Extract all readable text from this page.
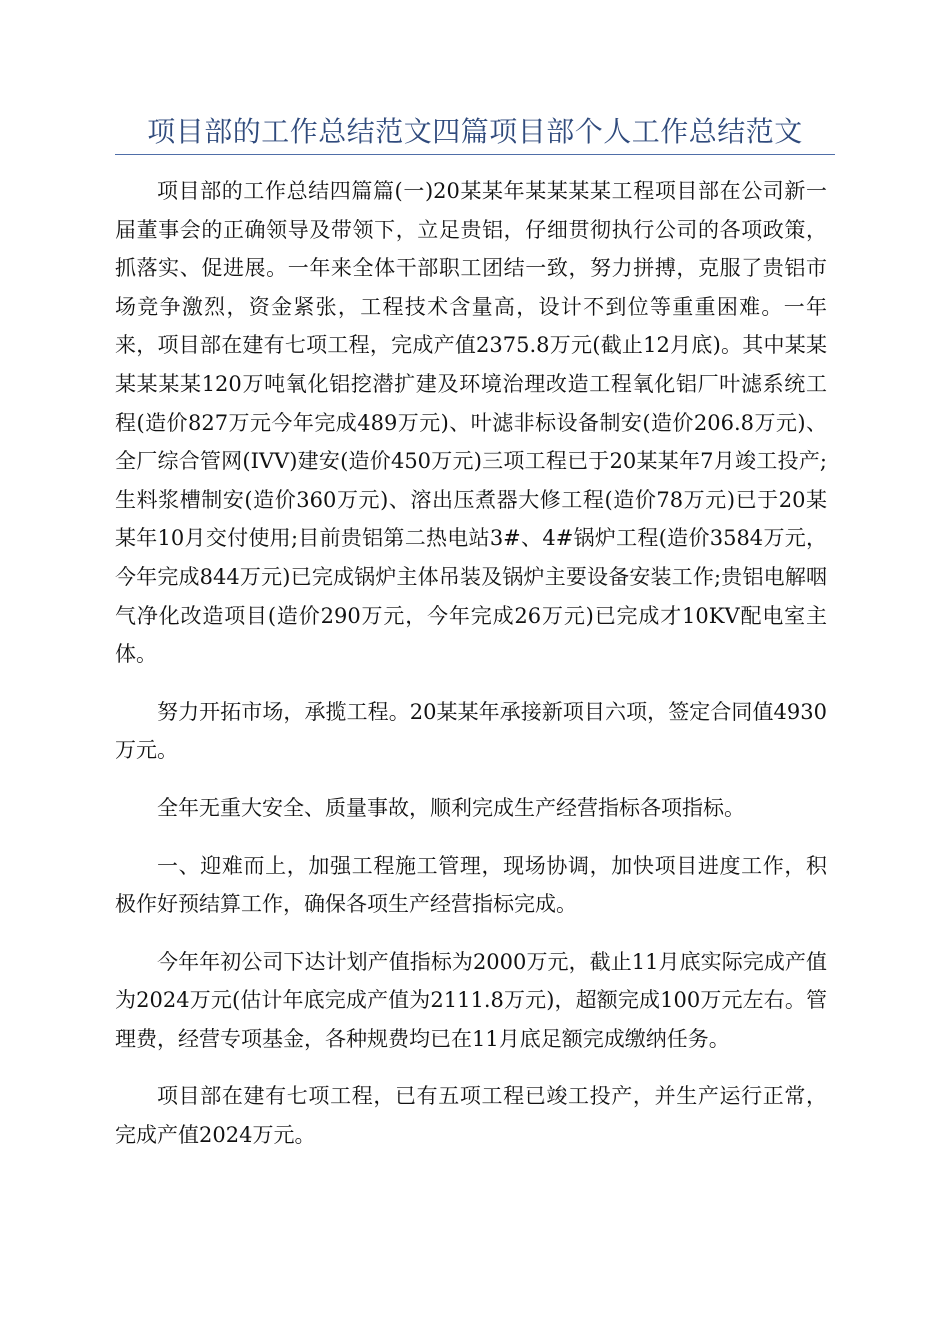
项目部的工作总结范文四篇项目部个人工作总结范文

项目部的工作总结四篇篇(一)20某某年某某某某工程项目部在公司新一届董事会的正确领导及带领下，立足贵铝，仔细贯彻执行公司的各项政策，抓落实、促进展。一年来全体干部职工团结一致，努力拼搏，克服了贵铝市场竞争激烈，资金紧张，工程技术含量高，设计不到位等重重困难。一年来，项目部在建有七项工程，完成产值2375.8万元(截止12月底)。其中某某某某某某120万吨氧化铝挖潜扩建及环境治理改造工程氧化铝厂叶滤系统工程(造价827万元今年完成489万元)、叶滤非标设备制安(造价206.8万元)、全厂综合管网(IVV)建安(造价450万元)三项工程已于20某某年7月竣工投产;生料浆槽制安(造价360万元)、溶出压煮器大修工程(造价78万元)已于20某某年10月交付使用;目前贵铝第二热电站3#、4#锅炉工程(造价3584万元，今年完成844万元)已完成锅炉主体吊装及锅炉主要设备安装工作;贵铝电解咽气净化改造项目(造价290万元，今年完成26万元)已完成才10KV配电室主体。

努力开拓市场，承揽工程。20某某年承接新项目六项，签定合同值4930万元。

全年无重大安全、质量事故，顺利完成生产经营指标各项指标。

一、迎难而上，加强工程施工管理，现场协调，加快项目进度工作，积极作好预结算工作，确保各项生产经营指标完成。

今年年初公司下达计划产值指标为2000万元，截止11月底实际完成产值为2024万元(估计年底完成产值为2111.8万元)，超额完成100万元左右。管理费，经营专项基金，各种规费均已在11月底足额完成缴纳任务。

项目部在建有七项工程，已有五项工程已竣工投产，并生产运行正常，完成产值2024万元。
